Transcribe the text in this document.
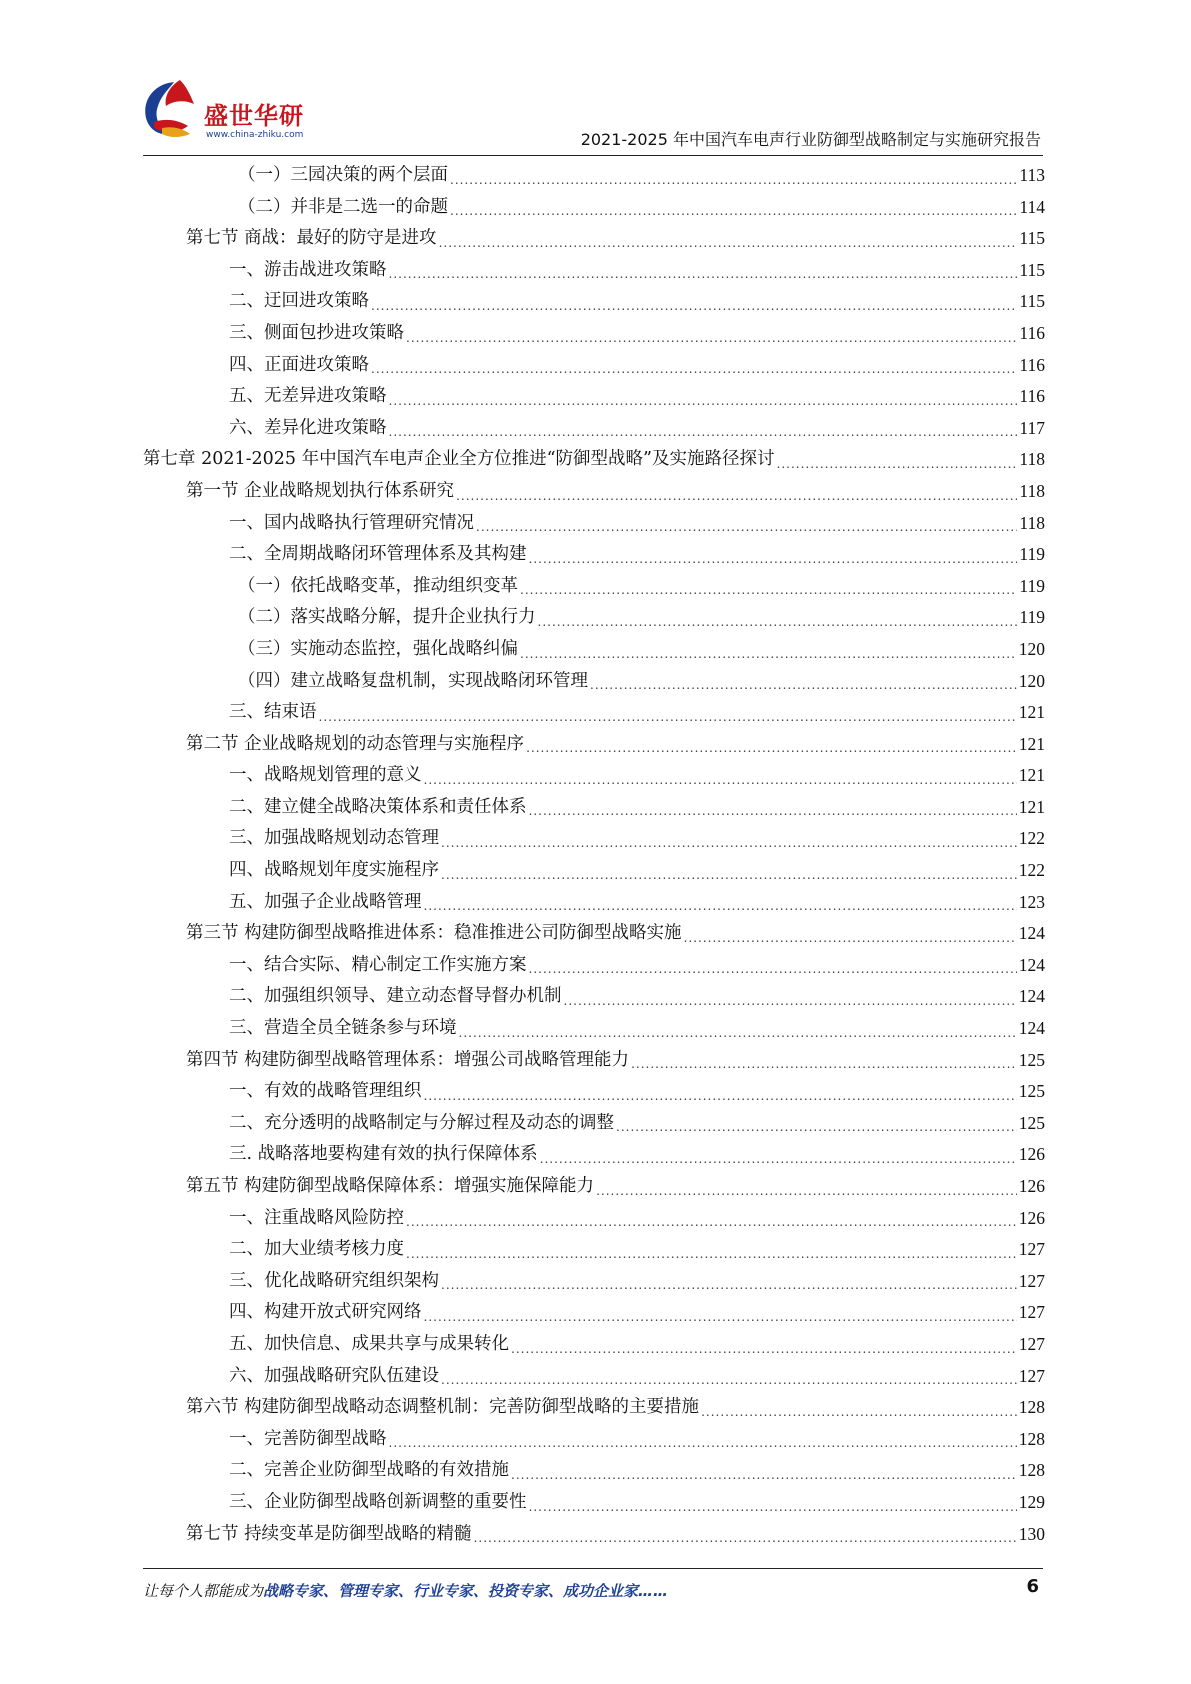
盛世华研
www.china-zhiku.com	2021-2025 年中国汽车电声行业防御型战略制定与实施研究报告
（一）三园决策的两个层面 .....	113
（二）并非是二选一的命题 .....	114
第七节 商战：最好的防守是进攻 .....	115
一、游击战进攻策略 .....	115
二、迂回进攻策略 .....	115
三、侧面包抄进攻策略 .....	116
四、正面进攻策略 .....	116
五、无差异进攻策略 .....	116
六、差异化进攻策略 .....	117
第七章 2021-2025 年中国汽车电声企业全方位推进“防御型战略”及实施路径探讨 .....	118
第一节 企业战略规划执行体系研究 .....	118
一、国内战略执行管理研究情况 .....	118
二、全周期战略闭环管理体系及其构建 .....	119
（一）依托战略变革，推动组织变革 .....	119
（二）落实战略分解，提升企业执行力 .....	119
（三）实施动态监控，强化战略纠偏 .....	120
（四）建立战略复盘机制，实现战略闭环管理 .....	120
三、结束语 .....	121
第二节 企业战略规划的动态管理与实施程序 .....	121
一、战略规划管理的意义 .....	121
二、建立健全战略决策体系和责任体系 .....	121
三、加强战略规划动态管理 .....	122
四、战略规划年度实施程序 .....	122
五、加强子企业战略管理 .....	123
第三节 构建防御型战略推进体系：稳准推进公司防御型战略实施 .....	124
一、结合实际、精心制定工作实施方案 .....	124
二、加强组织领导、建立动态督导督办机制 .....	124
三、营造全员全链条参与环境 .....	124
第四节 构建防御型战略管理体系：增强公司战略管理能力 .....	125
一、有效的战略管理组织 .....	125
二、充分透明的战略制定与分解过程及动态的调整 .....	125
三. 战略落地要构建有效的执行保障体系 .....	126
第五节 构建防御型战略保障体系：增强实施保障能力 .....	126
一、注重战略风险防控 .....	126
二、加大业绩考核力度 .....	127
三、优化战略研究组织架构 .....	127
四、构建开放式研究网络 .....	127
五、加快信息、成果共享与成果转化 .....	127
六、加强战略研究队伍建设 .....	127
第六节 构建防御型战略动态调整机制：完善防御型战略的主要措施 .....	128
一、完善防御型战略 .....	128
二、完善企业防御型战略的有效措施 .....	128
三、企业防御型战略创新调整的重要性 .....	129
第七节 持续变革是防御型战略的精髓 .....	130
让每个人都能成为战略专家、管理专家、行业专家、投资专家、成功企业家……	6
